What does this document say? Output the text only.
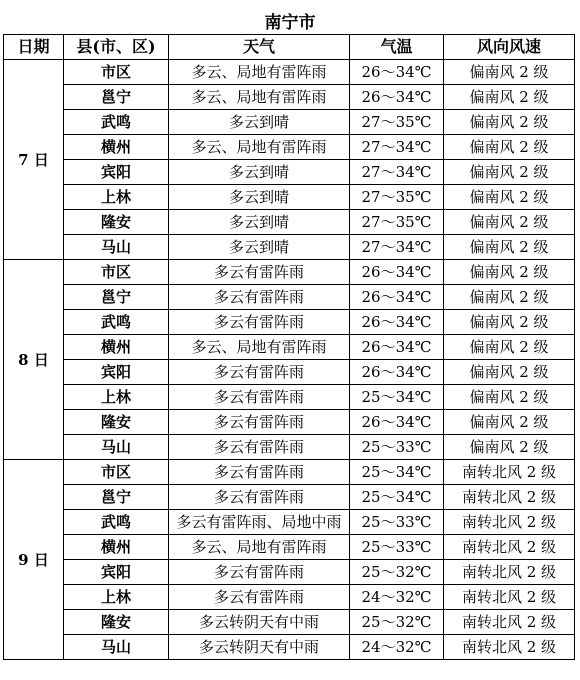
南宁市
日期	县(市、区)	天气	气温	风向风速
7 日	市区	多云、局地有雷阵雨	26～34℃	偏南风 2 级
	邕宁	多云、局地有雷阵雨	26～34℃	偏南风 2 级
	武鸣	多云到晴	27～35℃	偏南风 2 级
	横州	多云、局地有雷阵雨	27～34℃	偏南风 2 级
	宾阳	多云到晴	27～34℃	偏南风 2 级
	上林	多云到晴	27～35℃	偏南风 2 级
	隆安	多云到晴	27～35℃	偏南风 2 级
	马山	多云到晴	27～34℃	偏南风 2 级
8 日	市区	多云有雷阵雨	26～34℃	偏南风 2 级
	邕宁	多云有雷阵雨	26～34℃	偏南风 2 级
	武鸣	多云有雷阵雨	26～34℃	偏南风 2 级
	横州	多云、局地有雷阵雨	26～34℃	偏南风 2 级
	宾阳	多云有雷阵雨	26～34℃	偏南风 2 级
	上林	多云有雷阵雨	25～34℃	偏南风 2 级
	隆安	多云有雷阵雨	26～34℃	偏南风 2 级
	马山	多云有雷阵雨	25～33℃	偏南风 2 级
9 日	市区	多云有雷阵雨	25～34℃	南转北风 2 级
	邕宁	多云有雷阵雨	25～34℃	南转北风 2 级
	武鸣	多云有雷阵雨、局地中雨	25～33℃	南转北风 2 级
	横州	多云、局地有雷阵雨	25～33℃	南转北风 2 级
	宾阳	多云有雷阵雨	25～32℃	南转北风 2 级
	上林	多云有雷阵雨	24～32℃	南转北风 2 级
	隆安	多云转阴天有中雨	25～32℃	南转北风 2 级
	马山	多云转阴天有中雨	24～32℃	南转北风 2 级
